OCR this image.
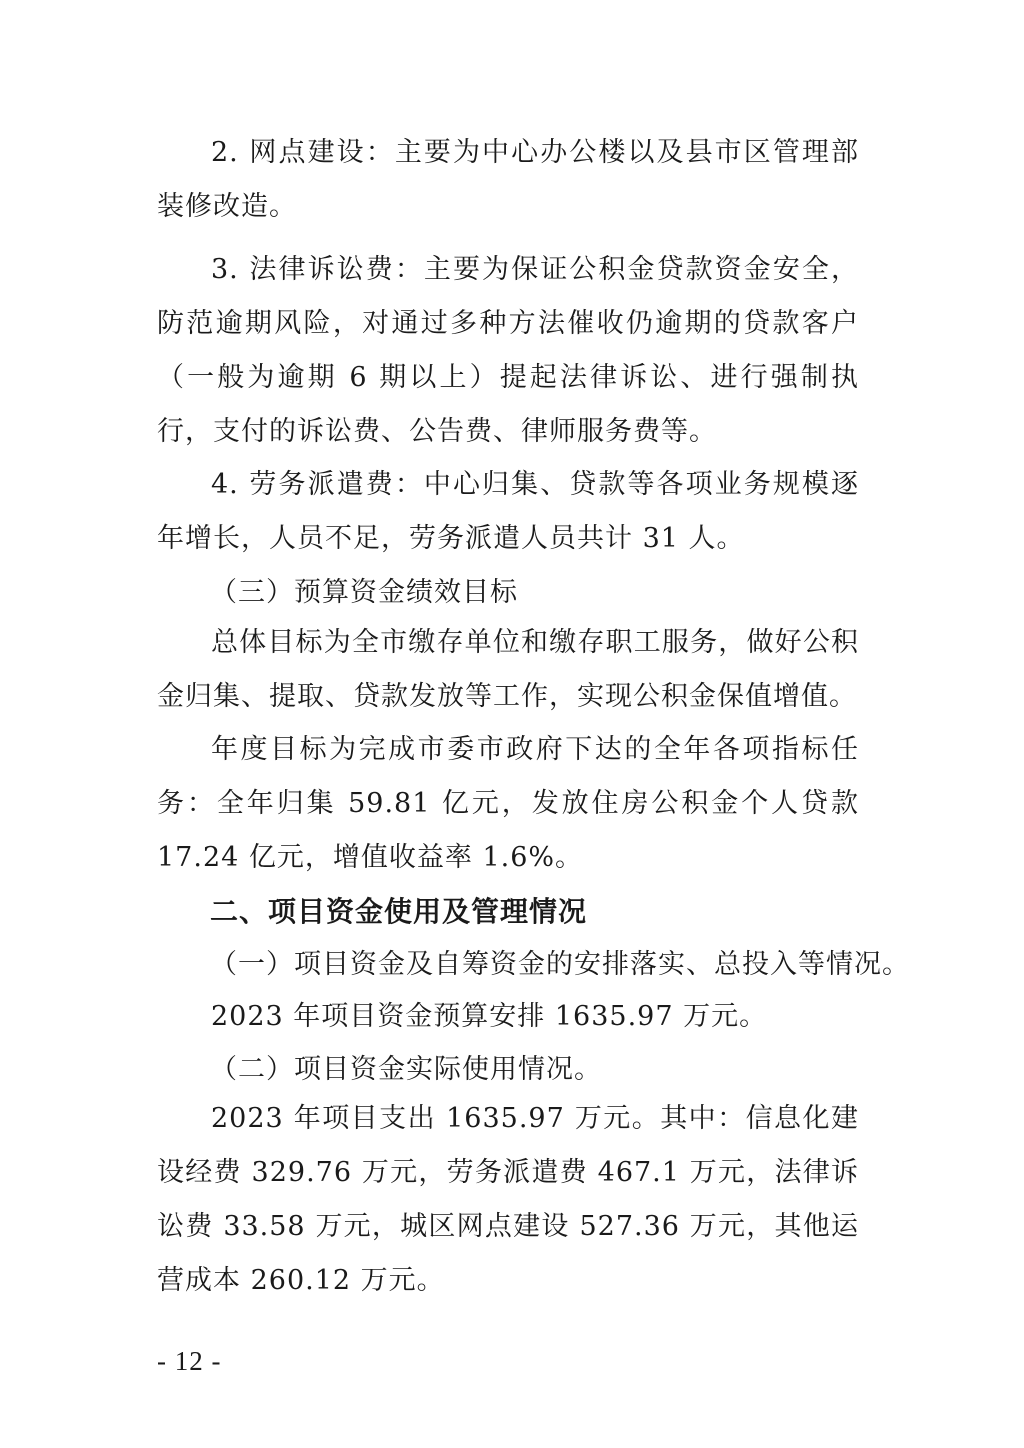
2. 网点建设：主要为中心办公楼以及县市区管理部装修改造。

3. 法律诉讼费：主要为保证公积金贷款资金安全，防范逾期风险，对通过多种方法催收仍逾期的贷款客户（一般为逾期 6 期以上）提起法律诉讼、进行强制执行，支付的诉讼费、公告费、律师服务费等。

4. 劳务派遣费：中心归集、贷款等各项业务规模逐年增长，人员不足，劳务派遣人员共计 31 人。

（三）预算资金绩效目标

总体目标为全市缴存单位和缴存职工服务，做好公积金归集、提取、贷款发放等工作，实现公积金保值增值。

年度目标为完成市委市政府下达的全年各项指标任务：全年归集 59.81 亿元，发放住房公积金个人贷款 17.24 亿元，增值收益率 1.6%。

二、项目资金使用及管理情况

（一）项目资金及自筹资金的安排落实、总投入等情况。

2023 年项目资金预算安排 1635.97 万元。

（二）项目资金实际使用情况。

2023 年项目支出 1635.97 万元。其中：信息化建设经费 329.76 万元，劳务派遣费 467.1 万元，法律诉讼费 33.58 万元，城区网点建设 527.36 万元，其他运营成本 260.12 万元。

- 12 -
